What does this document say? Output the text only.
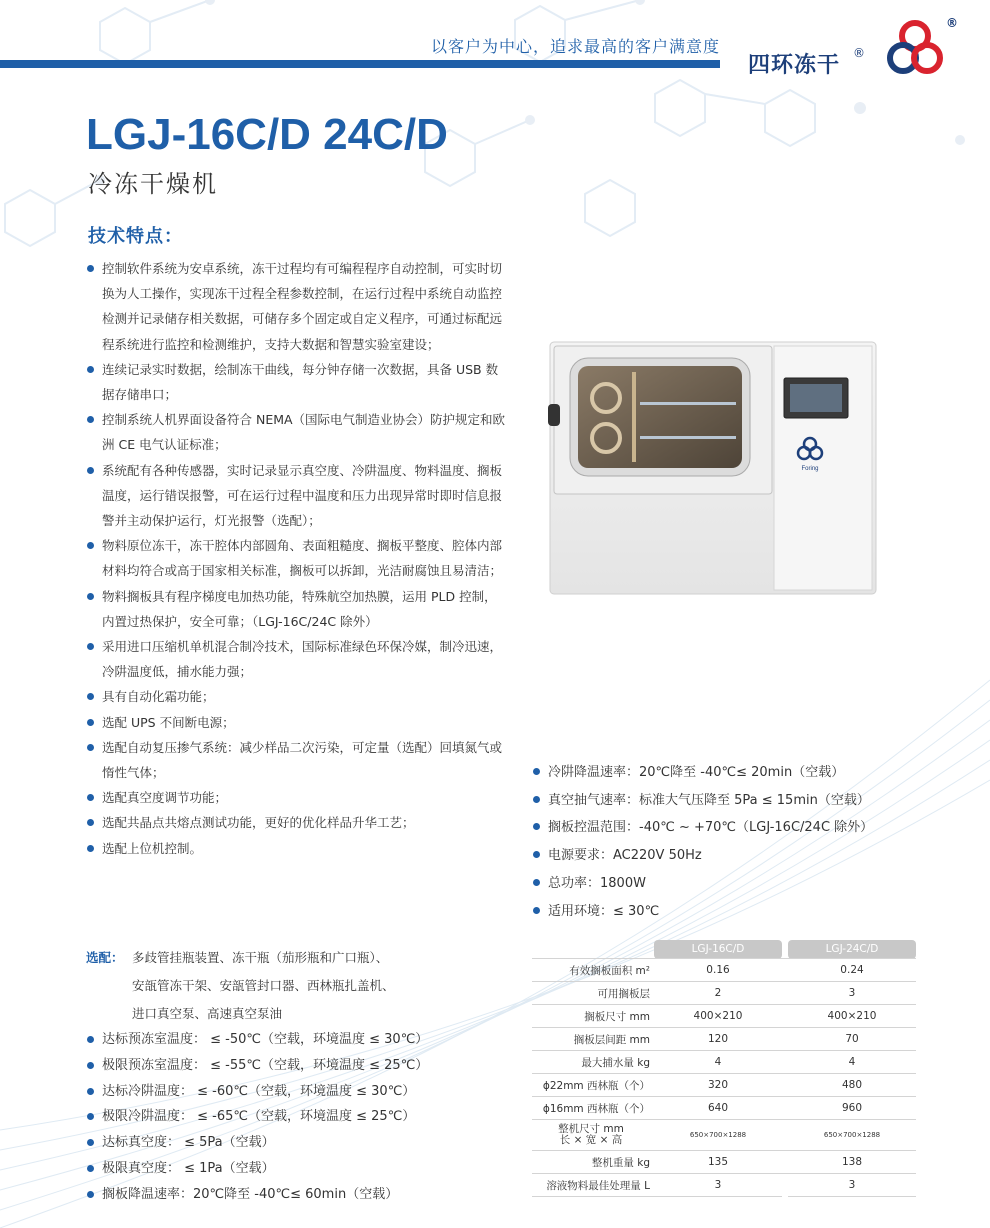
以客户为中心，追求最高的客户满意度
四环冻干 ®
®
LGJ-16C/D 24C/D
冷冻干燥机
技术特点：
控制软件系统为安卓系统，冻干过程均有可编程程序自动控制，可实时切换为人工操作，实现冻干过程全程参数控制，在运行过程中系统自动监控检测并记录储存相关数据，可储存多个固定或自定义程序，可通过标配远程系统进行监控和检测维护，支持大数据和智慧实验室建设；
连续记录实时数据，绘制冻干曲线，每分钟存储一次数据，具备 USB 数据存储串口；
控制系统人机界面设备符合 NEMA（国际电气制造业协会）防护规定和欧洲 CE 电气认证标准；
系统配有各种传感器，实时记录显示真空度、冷阱温度、物料温度、搁板温度，运行错误报警，可在运行过程中温度和压力出现异常时即时信息报警并主动保护运行，灯光报警（选配）；
物料原位冻干，冻干腔体内部圆角、表面粗糙度、搁板平整度、腔体内部材料均符合或高于国家相关标准，搁板可以拆卸，光洁耐腐蚀且易清洁；
物料搁板具有程序梯度电加热功能，特殊航空加热膜，运用 PLD 控制，内置过热保护，安全可靠；（LGJ-16C/24C 除外）
采用进口压缩机单机混合制冷技术，国际标准绿色环保冷媒，制冷迅速，冷阱温度低，捕水能力强；
具有自动化霜功能；
选配 UPS 不间断电源；
选配自动复压掺气系统：减少样品二次污染，可定量（选配）回填氮气或惰性气体；
选配真空度调节功能；
选配共晶点共熔点测试功能，更好的优化样品升华工艺；
选配上位机控制。
选配： 多歧管挂瓶装置、冻干瓶（茄形瓶和广口瓶）、
安瓿管冻干架、安瓿管封口器、西林瓶扎盖机、
进口真空泵、高速真空泵油
达标预冻室温度： ≤ -50℃（空载，环境温度 ≤ 30℃）
极限预冻室温度： ≤ -55℃（空载，环境温度 ≤ 25℃）
达标冷阱温度： ≤ -60℃（空载，环境温度 ≤ 30℃）
极限冷阱温度： ≤ -65℃（空载，环境温度 ≤ 25℃）
达标真空度： ≤ 5Pa（空载）
极限真空度： ≤ 1Pa（空载）
搁板降温速率：20℃降至 -40℃≤ 60min（空载）
Foring
冷阱降温速率：20℃降至 -40℃≤ 20min（空载）
真空抽气速率：标准大气压降至 5Pa ≤ 15min（空载）
搁板控温范围：-40℃ ~ +70℃（LGJ-16C/24C 除外）
电源要求：AC220V 50Hz
总功率：1800W
适用环境：≤ 30℃
	LGJ-16C/D		LGJ-24C/D
有效搁板面积 m²	0.16		0.24
可用搁板层	2		3
搁板尺寸 mm	400×210		400×210
搁板层间距 mm	120		70
最大捕水量 kg	4		4
ϕ22mm 西林瓶（个）	320		480
ϕ16mm 西林瓶（个）	640		960
整机尺寸 mm
长 × 宽 × 高	650×700×1288		650×700×1288
整机重量 kg	135		138
溶液物料最佳处理量 L	3		3
